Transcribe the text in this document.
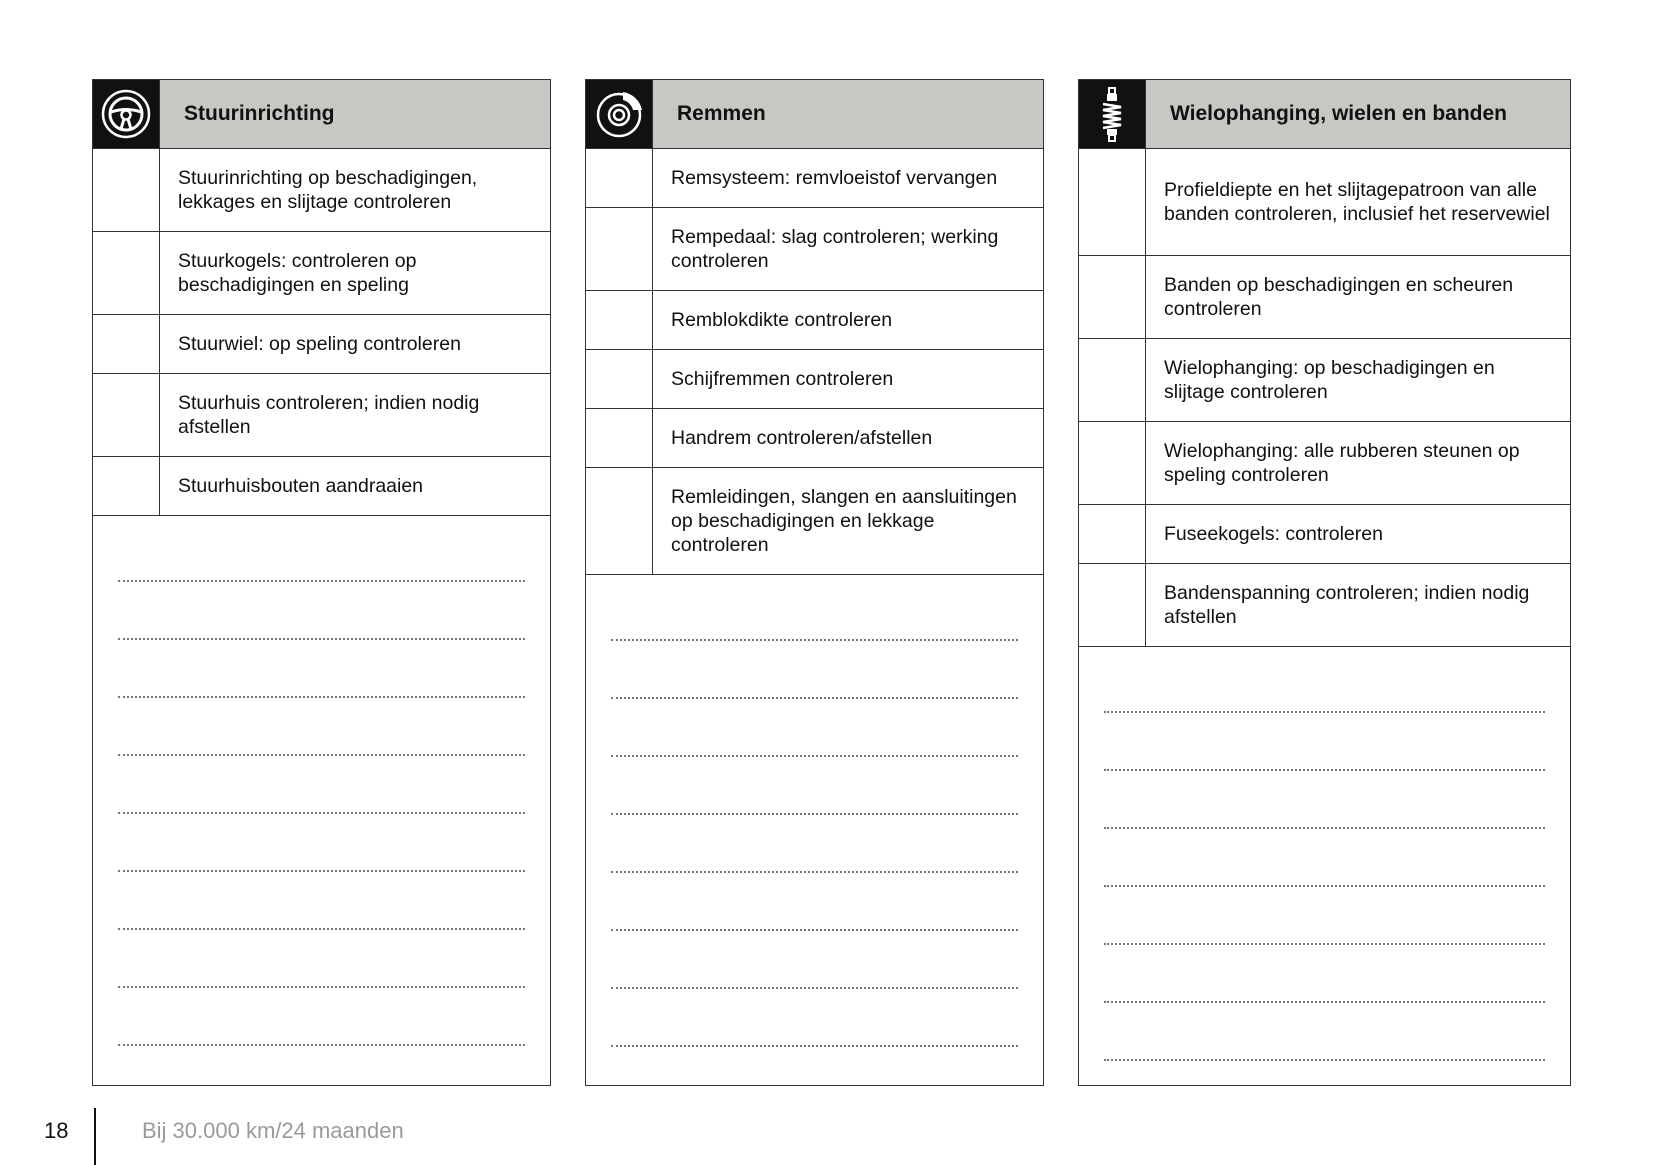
Stuurinrichting
Stuurinrichting op beschadigingen, lekkages en slijtage controleren
Stuurkogels: controleren op beschadigingen en speling
Stuurwiel: op speling controleren
Stuurhuis controleren; indien nodig afstellen
Stuurhuisbouten aandraaien
Remmen
Remsysteem: remvloeistof vervangen
Rempedaal: slag controleren; werking controleren
Remblokdikte controleren
Schijfremmen controleren
Handrem controleren/afstellen
Remleidingen, slangen en aansluitingen op beschadigingen en lekkage controleren
Wielophanging, wielen en banden
Profieldiepte en het slijtagepatroon van alle banden controleren, inclusief het reservewiel
Banden op beschadigingen en scheuren controleren
Wielophanging: op beschadigingen en slijtage controleren
Wielophanging: alle rubberen steunen op speling controleren
Fuseekogels: controleren
Bandenspanning controleren; indien nodig afstellen
18	Bij 30.000 km/24 maanden
